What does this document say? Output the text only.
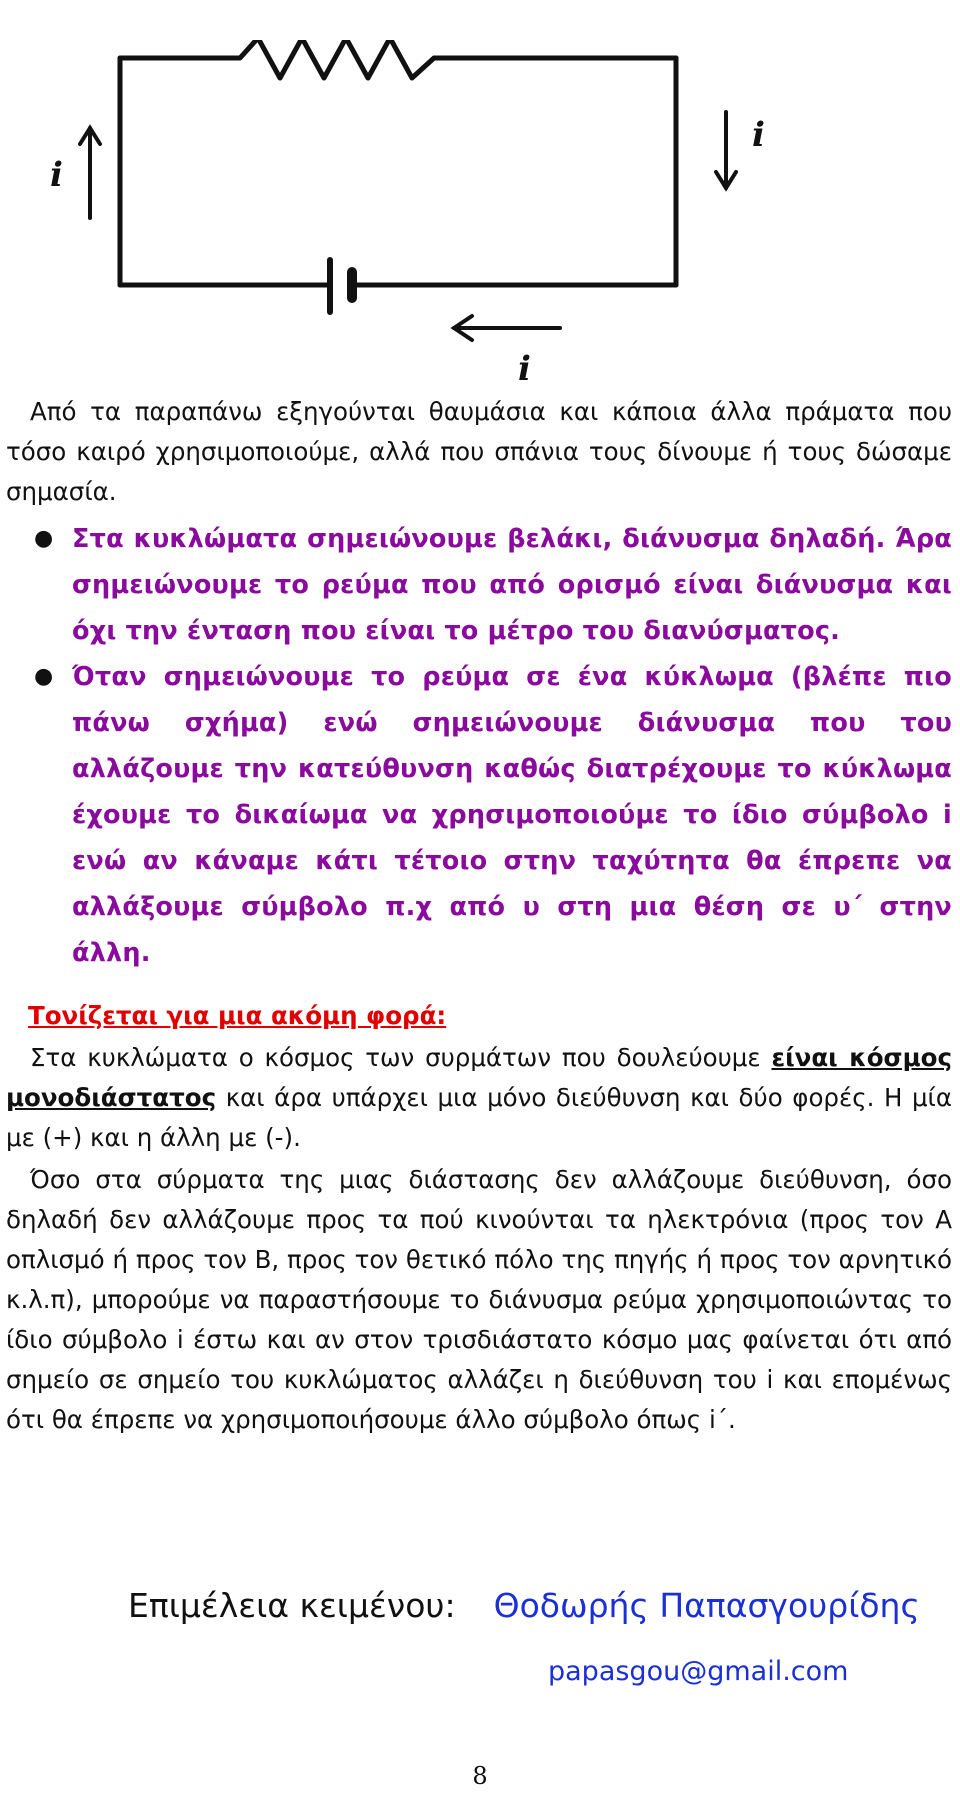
i
i
i

Από τα παραπάνω εξηγούνται θαυμάσια και κάποια άλλα πράματα που τόσο καιρό χρησιμοποιούμε, αλλά που σπάνια τους δίνουμε ή τους δώσαμε σημασία.

● Στα κυκλώματα σημειώνουμε βελάκι, διάνυσμα δηλαδή. Άρα σημειώνουμε το ρεύμα που από ορισμό είναι διάνυσμα και όχι την ένταση που είναι το μέτρο του διανύσματος.
● Όταν σημειώνουμε το ρεύμα σε ένα κύκλωμα (βλέπε πιο πάνω σχήμα) ενώ σημειώνουμε διάνυσμα που του αλλάζουμε την κατεύθυνση καθώς διατρέχουμε το κύκλωμα έχουμε το δικαίωμα να χρησιμοποιούμε το ίδιο σύμβολο i ενώ αν κάναμε κάτι τέτοιο στην ταχύτητα θα έπρεπε να αλλάξουμε σύμβολο π.χ από υ στη μια θέση σε υ΄ στην άλλη.
Τονίζεται για μια ακόμη φορά:

Στα κυκλώματα ο κόσμος των συρμάτων που δουλεύουμε είναι κόσμος μονοδιάστατος και άρα υπάρχει μια μόνο διεύθυνση και δύο φορές. Η μία με (+) και η άλλη με (-).

Όσο στα σύρματα της μιας διάστασης δεν αλλάζουμε διεύθυνση, όσο δηλαδή δεν αλλάζουμε προς τα πού κινούνται τα ηλεκτρόνια (προς τον Α οπλισμό ή προς τον Β, προς τον θετικό πόλο της πηγής ή προς τον αρνητικό κ.λ.π), μπορούμε να παραστήσουμε το διάνυσμα ρεύμα χρησιμοποιώντας το ίδιο σύμβολο i έστω και αν στον τρισδιάστατο κόσμο μας φαίνεται ότι από σημείο σε σημείο του κυκλώματος αλλάζει η διεύθυνση του i και επομένως ότι θα έπρεπε να χρησιμοποιήσουμε άλλο σύμβολο όπως i΄.

Επιμέλεια κειμένου: Θοδωρής Παπασγουρίδης
papasgou@gmail.com
8
